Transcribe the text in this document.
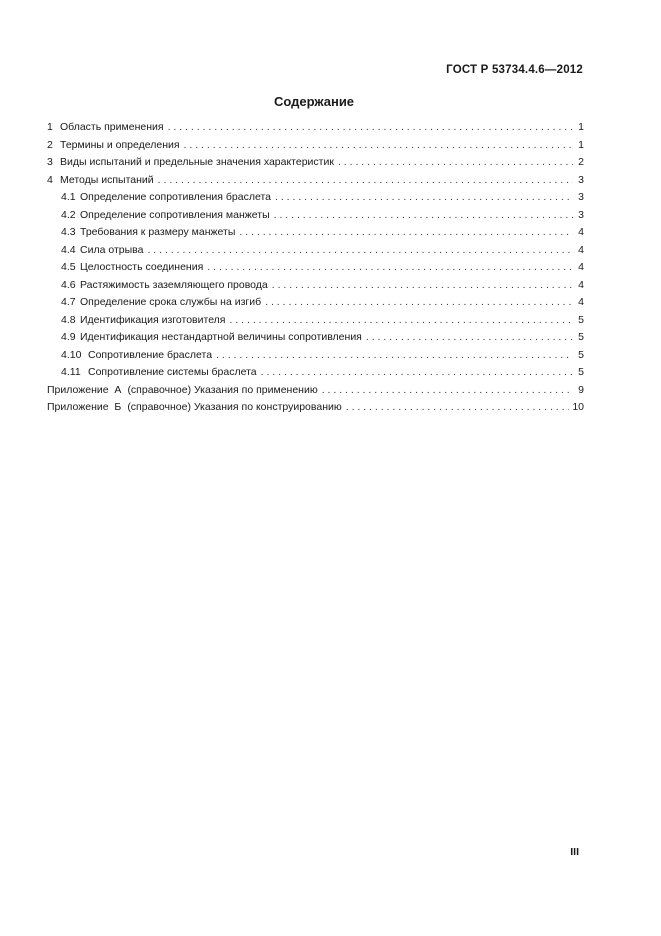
ГОСТ Р 53734.4.6—2012
Содержание
1 Область применения . . .	1
2 Термины и определения . . .	1
3 Виды испытаний и предельные значения характеристик . . .	2
4 Методы испытаний . . .	3
4.1 Определение сопротивления браслета . . .	3
4.2 Определение сопротивления манжеты . . .	3
4.3 Требования к размеру манжеты . . .	4
4.4 Сила отрыва . . .	4
4.5 Целостность соединения . . .	4
4.6 Растяжимость заземляющего провода . . .	4
4.7 Определение срока службы на изгиб . . .	4
4.8 Идентификация изготовителя . . .	5
4.9 Идентификация нестандартной величины сопротивления . . .	5
4.10 Сопротивление браслета . . .	5
4.11 Сопротивление системы браслета . . .	5
Приложение  А (справочное) Указания по применению . . .	9
Приложение  Б (справочное) Указания по конструированию . . .	10
III
